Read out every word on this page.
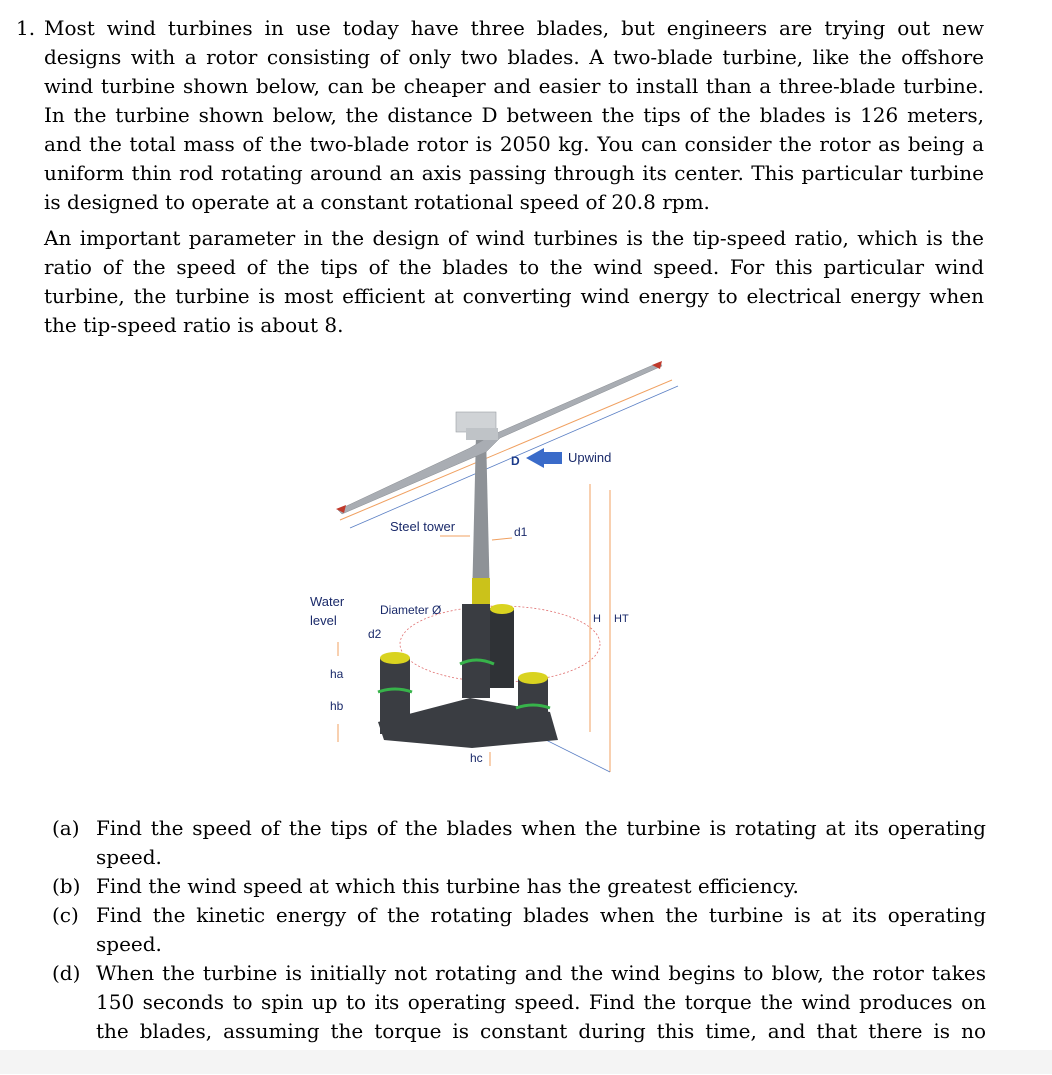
1. Most wind turbines in use today have three blades, but engineers are trying out new designs with a rotor consisting of only two blades. A two-blade turbine, like the offshore wind turbine shown below, can be cheaper and easier to install than a three-blade turbine. In the turbine shown below, the distance D between the tips of the blades is 126 meters, and the total mass of the two-blade rotor is 2050 kg. You can consider the rotor as being a uniform thin rod rotating around an axis passing through its center. This particular turbine is designed to operate at a constant rotational speed of 20.8 rpm.

An important parameter in the design of wind turbines is the tip-speed ratio, which is the ratio of the speed of the tips of the blades to the wind speed. For this particular wind turbine, the turbine is most efficient at converting wind energy to electrical energy when the tip-speed ratio is about 8.

D	Upwind
Steel tower	d1
H HT
Water
level
Diameter Ø
d2
ha
hb
hc
(a) Find the speed of the tips of the blades when the turbine is rotating at its operating speed.
(b) Find the wind speed at which this turbine has the greatest efficiency.
(c) Find the kinetic energy of the rotating blades when the turbine is at its operating speed.
(d) When the turbine is initially not rotating and the wind begins to blow, the rotor takes 150 seconds to spin up to its operating speed. Find the torque the wind produces on the blades, assuming the torque is constant during this time, and that there is no
